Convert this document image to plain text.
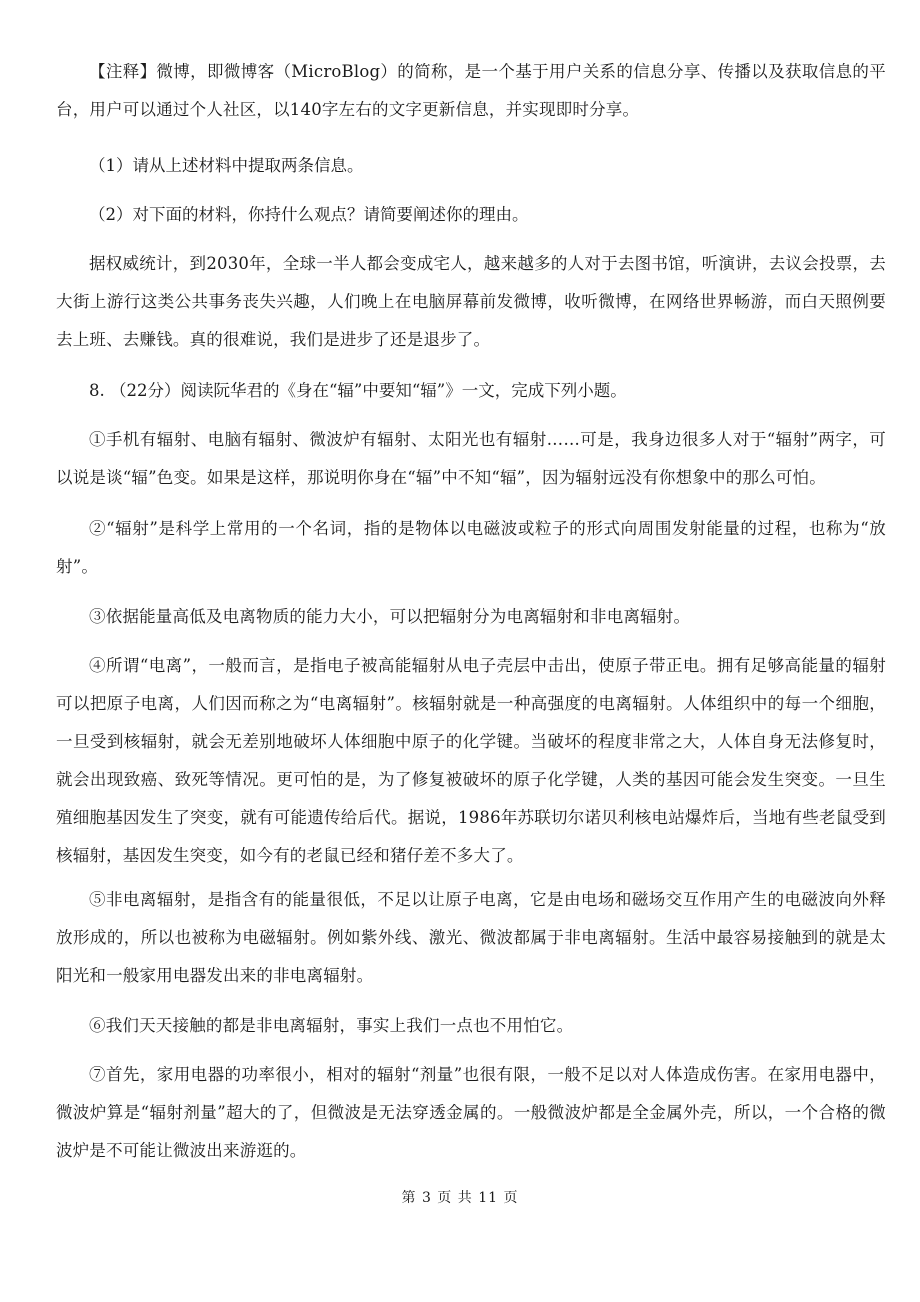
【注释】微博，即微博客（MicroBlog）的简称，是一个基于用户关系的信息分享、传播以及获取信息的平台，用户可以通过个人社区，以140字左右的文字更新信息，并实现即时分享。

（1）请从上述材料中提取两条信息。

（2）对下面的材料，你持什么观点？请简要阐述你的理由。

据权威统计，到2030年，全球一半人都会变成宅人，越来越多的人对于去图书馆，听演讲，去议会投票，去大街上游行这类公共事务丧失兴趣，人们晚上在电脑屏幕前发微博，收听微博，在网络世界畅游，而白天照例要去上班、去赚钱。真的很难说，我们是进步了还是退步了。

8. （22分）阅读阮华君的《身在“辐”中要知“辐”》一文，完成下列小题。

①手机有辐射、电脑有辐射、微波炉有辐射、太阳光也有辐射……可是，我身边很多人对于“辐射”两字，可以说是谈“辐”色变。如果是这样，那说明你身在“辐”中不知“辐”，因为辐射远没有你想象中的那么可怕。

②“辐射”是科学上常用的一个名词，指的是物体以电磁波或粒子的形式向周围发射能量的过程，也称为“放射”。

③依据能量高低及电离物质的能力大小，可以把辐射分为电离辐射和非电离辐射。

④所谓“电离”，一般而言，是指电子被高能辐射从电子壳层中击出，使原子带正电。拥有足够高能量的辐射可以把原子电离，人们因而称之为“电离辐射”。核辐射就是一种高强度的电离辐射。人体组织中的每一个细胞，一旦受到核辐射，就会无差别地破坏人体细胞中原子的化学键。当破坏的程度非常之大，人体自身无法修复时，就会出现致癌、致死等情况。更可怕的是，为了修复被破坏的原子化学键，人类的基因可能会发生突变。一旦生殖细胞基因发生了突变，就有可能遗传给后代。据说，1986年苏联切尔诺贝利核电站爆炸后，当地有些老鼠受到核辐射，基因发生突变，如今有的老鼠已经和猪仔差不多大了。

⑤非电离辐射，是指含有的能量很低，不足以让原子电离，它是由电场和磁场交互作用产生的电磁波向外释放形成的，所以也被称为电磁辐射。例如紫外线、激光、微波都属于非电离辐射。生活中最容易接触到的就是太阳光和一般家用电器发出来的非电离辐射。

⑥我们天天接触的都是非电离辐射，事实上我们一点也不用怕它。

⑦首先，家用电器的功率很小，相对的辐射“剂量”也很有限，一般不足以对人体造成伤害。在家用电器中，微波炉算是“辐射剂量”超大的了，但微波是无法穿透金属的。一般微波炉都是全金属外壳，所以，一个合格的微波炉是不可能让微波出来游逛的。

第 3 页 共 11 页
